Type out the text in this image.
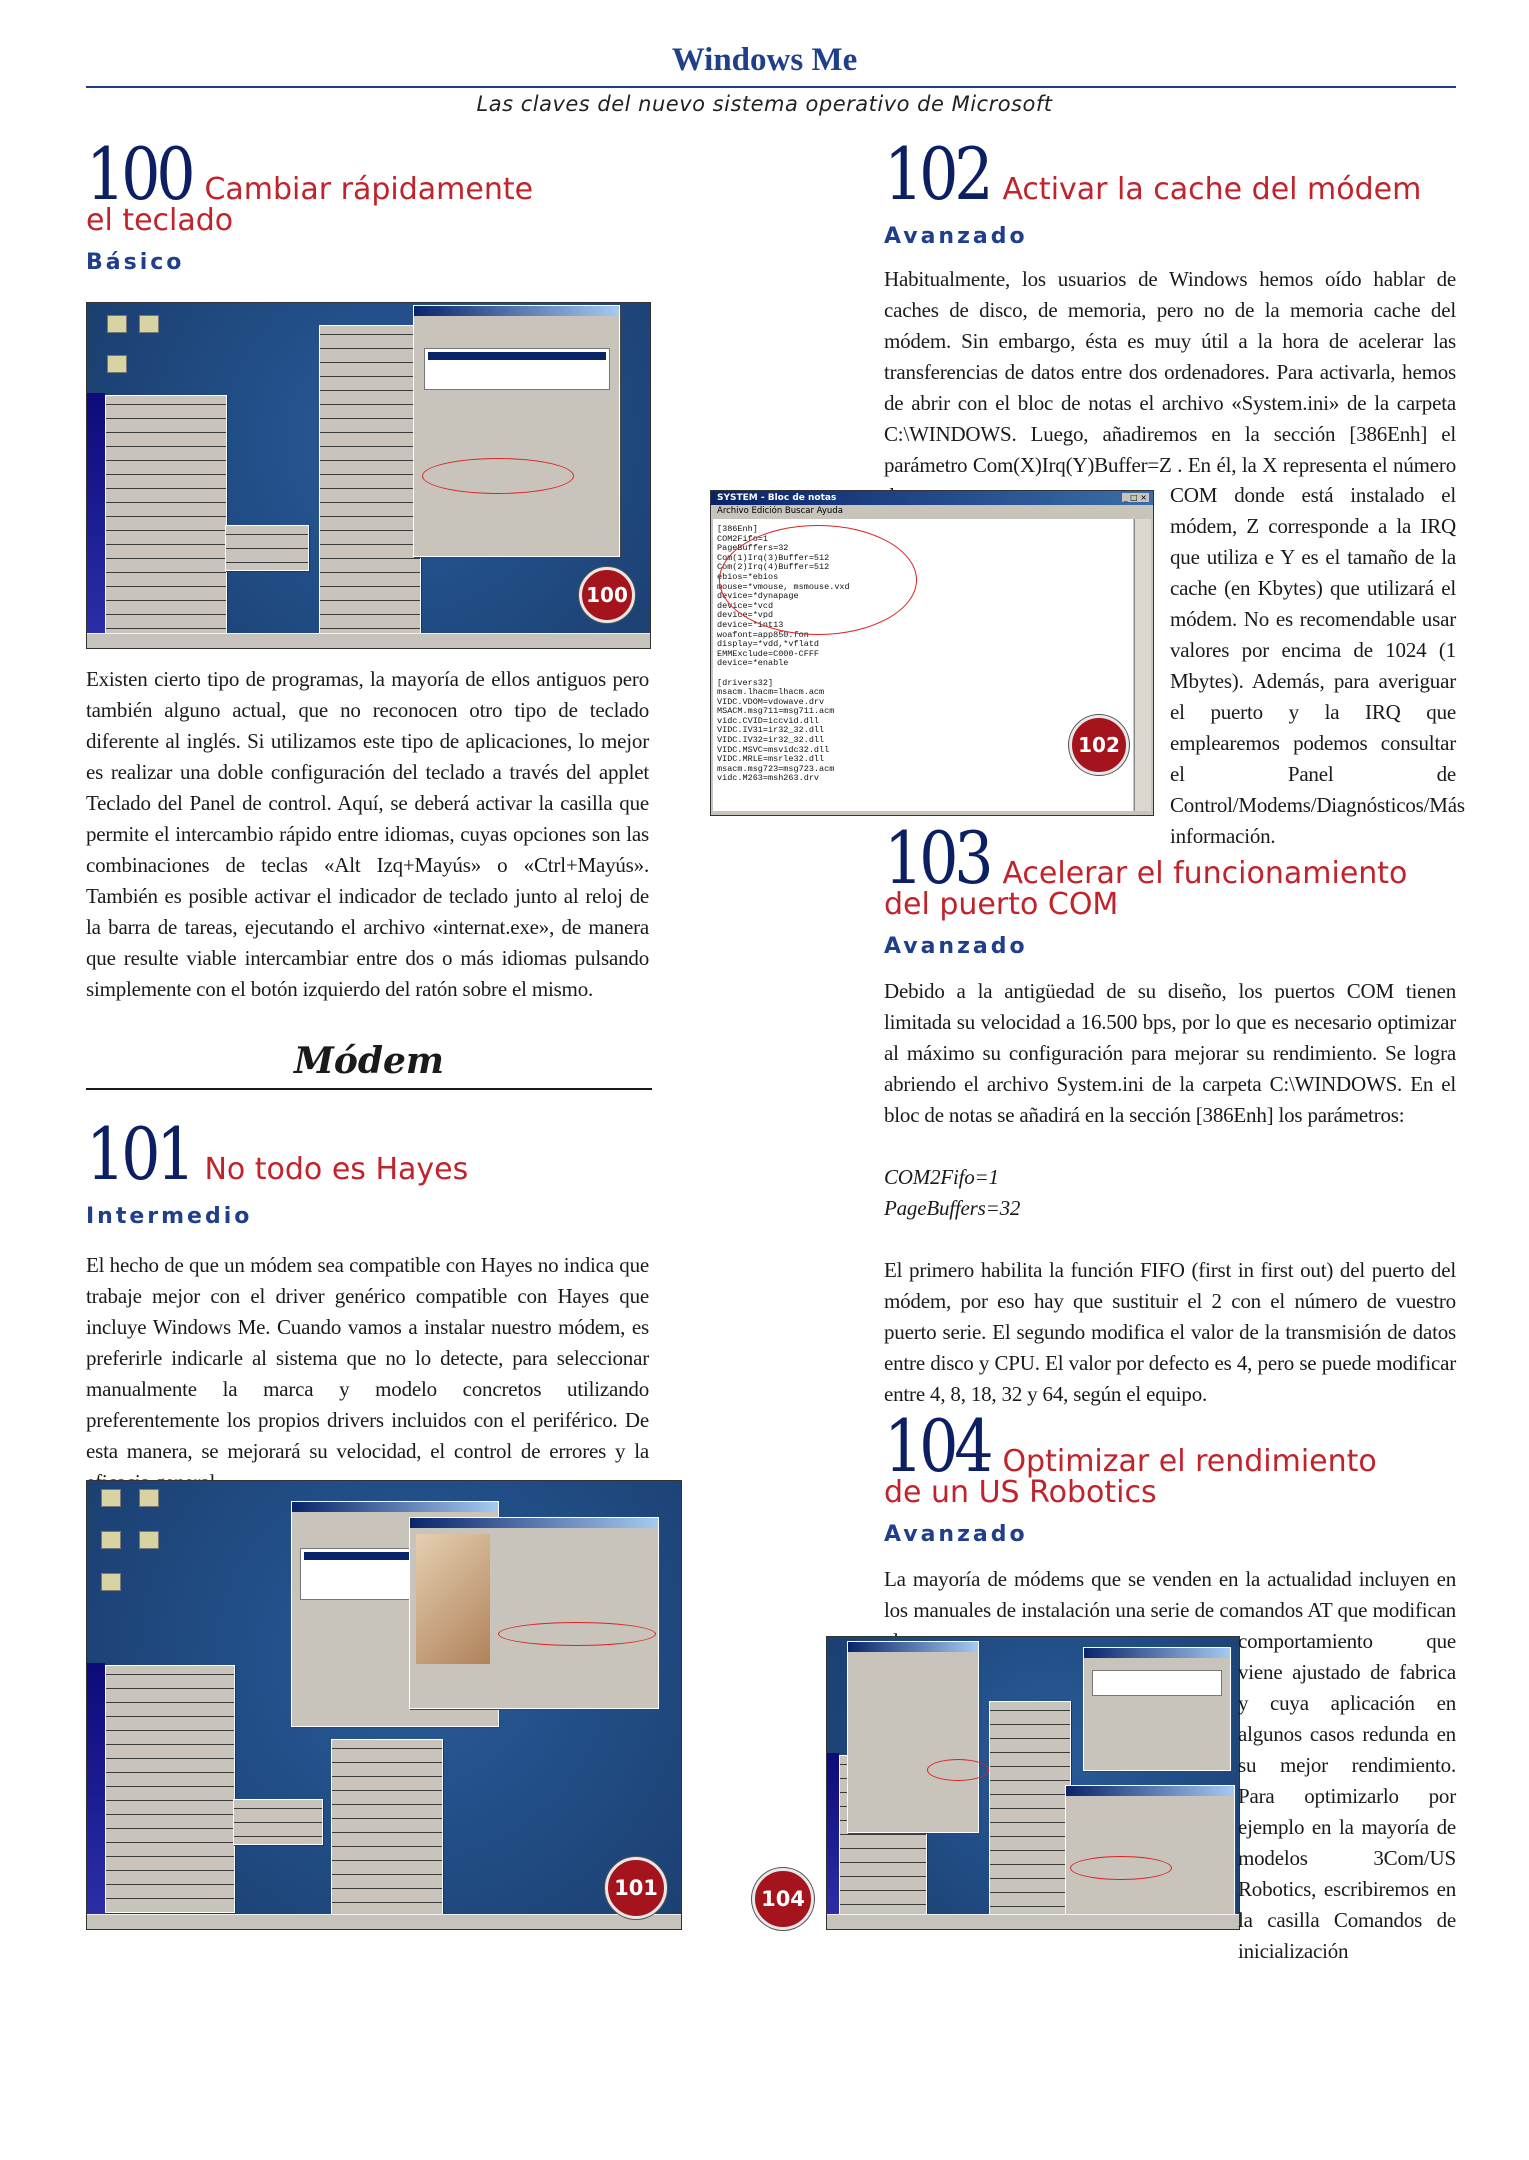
Windows Me
Las claves del nuevo sistema operativo de Microsoft
100 Cambiar rápidamente
el teclado
Básico
100

Existen cierto tipo de programas, la mayoría de ellos antiguos pero también alguno actual, que no reconocen otro tipo de teclado diferente al inglés. Si utilizamos este tipo de aplicaciones, lo mejor es realizar una doble configuración del teclado a través del applet Teclado del Panel de control. Aquí, se deberá activar la casilla que permite el intercambio rápido entre idiomas, cuyas opciones son las combinaciones de teclas «Alt Izq+Mayús» o «Ctrl+Mayús». También es posible activar el indicador de teclado junto al reloj de la barra de tareas, ejecutando el archivo «internat.exe», de manera que resulte viable intercambiar entre dos o más idiomas pulsando simplemente con el botón izquierdo del ratón sobre el mismo.

Módem
101 No todo es Hayes
Intermedio

El hecho de que un módem sea compatible con Hayes no indica que trabaje mejor con el driver genérico compatible con Hayes que incluye Windows Me. Cuando vamos a instalar nuestro módem, es preferirle indicarle al sistema que no lo detecte, para seleccionar manualmente la marca y modelo concretos utilizando preferentemente los propios drivers incluidos con el periférico. De esta manera, se mejorará su velocidad, el control de errores y la

101
102 Activar la cache del módem
Avanzado

Habitualmente, los usuarios de Windows hemos oído hablar de caches de disco, de memoria, pero no de la memoria cache del módem. Sin embargo, ésta es muy útil a la hora de acelerar las transferencias de datos entre dos ordenadores. Para activarla, hemos de abrir con el bloc de notas el archivo «System.ini» de la carpeta C:\WINDOWS. Luego, añadiremos en la sección [386Enh] el parámetro Com(X)Irq(Y)Buffer=Z . En él, la X representa el número

SYSTEM - Bloc de notas	_ □ ×
Archivo Edición Buscar Ayuda
[386Enh]
COM2Fifo=1
PageBuffers=32
Com(1)Irq(3)Buffer=512
Com(2)Irq(4)Buffer=512
ebios=*ebios
mouse=*vmouse, msmouse.vxd
device=*dynapage
device=*vcd
device=*vpd
device=*int13
woafont=app850.fon
display=*vdd,*vflatd
EMMExclude=C000-CFFF
device=*enable

[drivers32]
msacm.lhacm=lhacm.acm
VIDC.VDOM=vdowave.drv
MSACM.msg711=msg711.acm
vidc.CVID=iccvid.dll
VIDC.IV31=ir32_32.dll
VIDC.IV32=ir32_32.dll
VIDC.MSVC=msvidc32.dll
VIDC.MRLE=msrle32.dll
msacm.msg723=msg723.acm
vidc.M263=msh263.drv
102

COM donde está instalado el módem, Z corresponde a la IRQ que utiliza e Y es el tamaño de la cache (en Kbytes) que utilizará el módem. No es recomendable usar valores por encima de 1024 (1 Mbytes). Además, para averiguar el puerto y la IRQ que emplearemos podemos consultar el Panel de Control/Modems/Diagnósticos/Más información.

103 Acelerar el funcionamiento
del puerto COM
Avanzado

Debido a la antigüedad de su diseño, los puertos COM tienen limitada su velocidad a 16.500 bps, por lo que es necesario optimizar al máximo su configuración para mejorar su rendimiento. Se logra abriendo el archivo System.ini de la carpeta C:\WINDOWS. En el bloc de notas se añadirá en la sección [386Enh] los parámetros:

COM2Fifo=1

PageBuffers=32

El primero habilita la función FIFO (first in first out) del puerto del módem, por eso hay que sustituir el 2 con el número de vuestro puerto serie. El segundo modifica el valor de la transmisión de datos entre disco y CPU. El valor por defecto es 4, pero se puede modificar entre 4, 8, 18, 32 y 64, según el equipo.

104 Optimizar el rendimiento
de un US Robotics
Avanzado

La mayoría de módems que se venden en la actualidad incluyen en los manuales de instalación una serie de comandos AT que modifican

104

comportamiento que viene ajustado de fabrica y cuya aplicación en algunos casos redunda en su mejor rendimiento. Para optimizarlo por ejemplo en la mayoría de modelos 3Com/US Robotics, escribiremos en la casilla Comandos de inicialización
